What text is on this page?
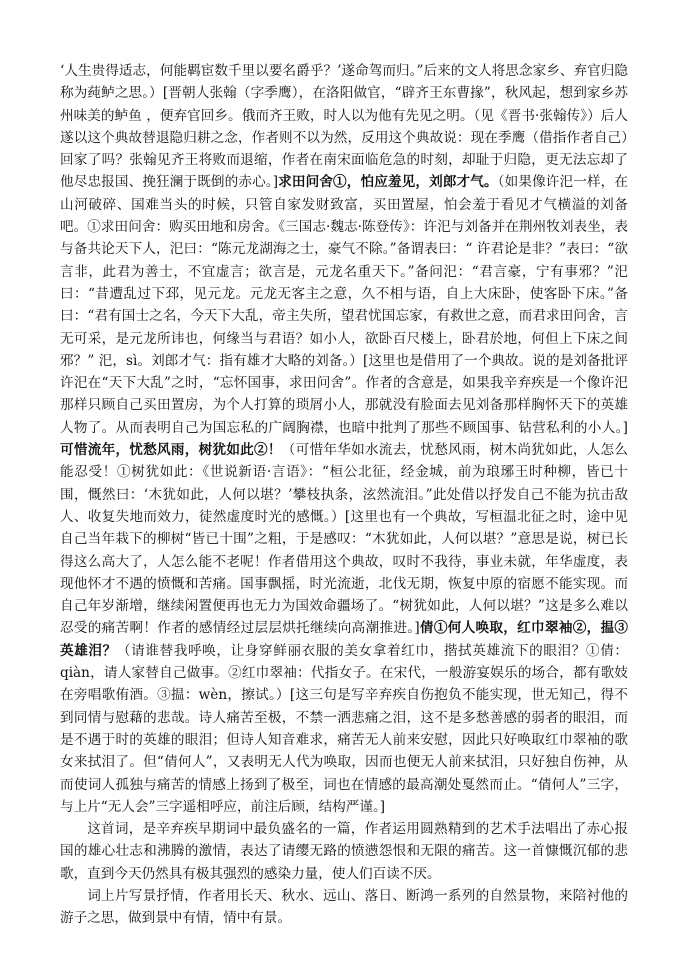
‘人生贵得适志，何能羁宦数千里以要名爵乎？’遂命驾而归。”后来的文人将思念家乡、弃官归隐称为莼鲈之思。）[晋朝人张翰（字季鹰），在洛阳做官，“辟齐王东曹掾”，秋风起，想到家乡苏州味美的鲈鱼 ，便弃官回乡。俄而齐王败，时人以为他有先见之明。（见《晋书·张翰传》）后人遂以这个典故替退隐归耕之念，作者则不以为然，反用这个典故说：现在季鹰（借指作者自己）回家了吗？张翰见齐王将败而退缩，作者在南宋面临危急的时刻，却耻于归隐，更无法忘却了他尽忠报国、挽狂澜于既倒的赤心。]求田问舍①，怕应羞见，刘郎才气。（如果像许汜一样，在山河破碎、国难当头的时候，只管自家发财致富，买田置屋，怕会羞于看见才气横溢的刘备吧。①求田问舍：购买田地和房舍。《三国志·魏志·陈登传》：许汜与刘备并在荆州牧刘表坐，表与备共论天下人，汜曰：“陈元龙湖海之士，豪气不除。”备谓表曰：“ 许君论是非？”表曰：“欲言非，此君为善士，不宜虚言；欲言是，元龙名重天下。”备问汜：“君言豪，宁有事邪？”汜曰：“昔遭乱过下邳，见元龙。元龙无客主之意，久不相与语，自上大床卧，使客卧下床。”备曰：“君有国士之名，今天下大乱，帝主失所，望君忧国忘家，有救世之意，而君求田问舍，言无可采，是元龙所讳也，何缘当与君语？如小人，欲卧百尺楼上，卧君於地，何但上下床之间邪？” 汜，sì。刘郎才气：指有雄才大略的刘备。）[这里也是借用了一个典故。说的是刘备批评许汜在“天下大乱”之时，“忘怀国事，求田问舍”。作者的含意是，如果我辛弃疾是一个像许汜那样只顾自己买田置房，为个人打算的琐屑小人，那就没有脸面去见刘备那样胸怀天下的英雄人物了。从而表明自己为国忘私的广阔胸襟，也暗中批判了那些不顾国事、钻营私利的小人。]可惜流年，忧愁风雨，树犹如此②！（可惜年华如水流去，忧愁风雨，树木尚犹如此，人怎么能忍受！①树犹如此：《世说新语·言语》：“桓公北征，经金城，前为琅琊王时种柳，皆已十围，慨然曰：‘木犹如此，人何以堪？’攀枝执条，泫然流泪。”此处借以抒发自己不能为抗击敌人、收复失地而效力，徒然虚度时光的感慨。）[这里也有一个典故，写桓温北征之时，途中见自己当年栽下的柳树“皆已十围”之粗，于是感叹：“木犹如此，人何以堪？”意思是说，树已长得这么高大了，人怎么能不老呢！作者借用这个典故，叹时不我待，事业未就，年华虚度，表现他怀才不遇的愤慨和苦痛。国事飘摇，时光流逝，北伐无期，恢复中原的宿愿不能实现。而自己年岁渐增，继续闲置便再也无力为国效命疆场了。“树犹如此，人何以堪？”这是多么难以忍受的痛苦啊！作者的感情经过层层烘托继续向高潮推进。]倩①何人唤取，红巾翠袖②，揾③英雄泪？（请谁替我呼唤，让身穿鲜丽衣服的美女拿着红巾，揩拭英雄流下的眼泪？①倩：qiàn，请人家替自己做事。②红巾翠袖：代指女子。在宋代，一般游宴娱乐的场合，都有歌妓在旁唱歌侑酒。③揾：wèn，擦试。）[这三句是写辛弃疾自伤抱负不能实现，世无知己，得不到同情与慰藉的悲哉。诗人痛苦至极，不禁一洒悲痛之泪，这不是多愁善感的弱者的眼泪，而是不遇于时的英雄的眼泪；但诗人知音难求，痛苦无人前来安慰，因此只好唤取红巾翠袖的歌女来拭泪了。但“倩何人”，又表明无人代为唤取，因而也便无人前来拭泪，只好独自伤神，从而使词人孤独与痛苦的情感上扬到了极至，词也在情感的最高潮处戛然而止。“倩何人”三字，与上片“无人会”三字遥相呼应，前注后顾，结构严谨。]

这首词，是辛弃疾早期词中最负盛名的一篇，作者运用圆熟精到的艺术手法唱出了赤心报国的雄心壮志和沸腾的激情，表达了请缨无路的愤懑怨恨和无限的痛苦。这一首慷慨沉郁的悲歌，直到今天仍然具有极其强烈的感染力量，使人们百读不厌。

词上片写景抒情，作者用长天、秋水、远山、落日、断鸿一系列的自然景物，来陪衬他的游子之思，做到景中有情，情中有景。
